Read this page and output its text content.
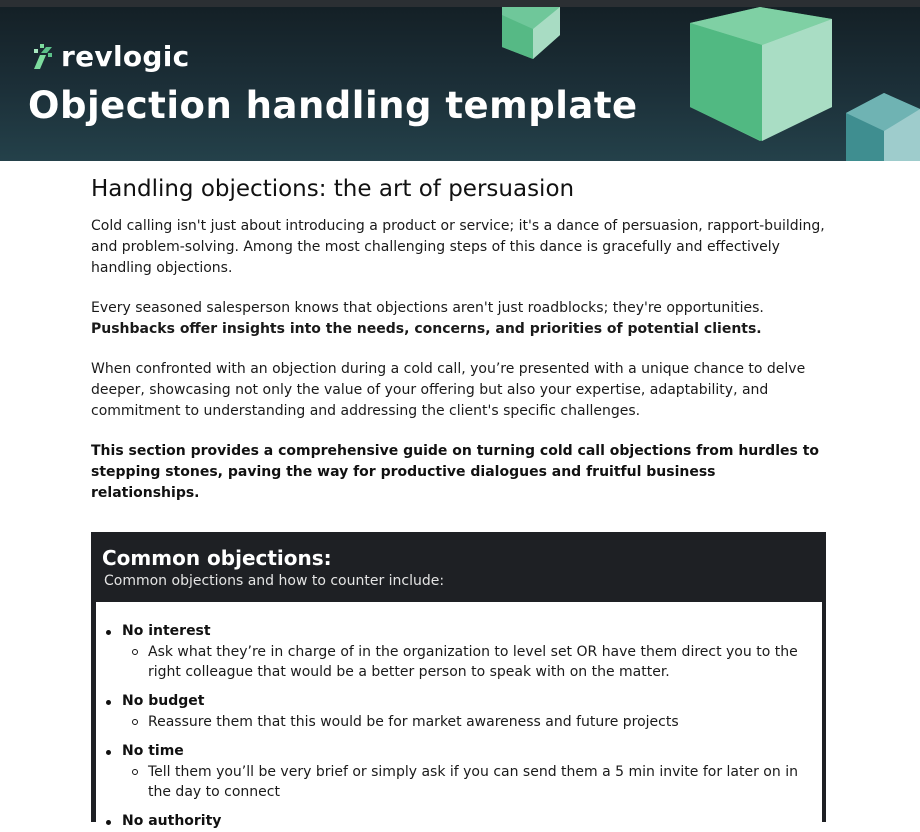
revlogic
Objection handling template
Handling objections: the art of persuasion

Cold calling isn't just about introducing a product or service; it's a dance of persuasion, rapport-building, and problem-solving. Among the most challenging steps of this dance is gracefully and effectively handling objections.

Every seasoned salesperson knows that objections aren't just roadblocks; they're opportunities. Pushbacks offer insights into the needs, concerns, and priorities of potential clients.

When confronted with an objection during a cold call, you’re presented with a unique chance to delve deeper, showcasing not only the value of your offering but also your expertise, adaptability, and commitment to understanding and addressing the client's specific challenges.

This section provides a comprehensive guide on turning cold call objections from hurdles to stepping stones, paving the way for productive dialogues and fruitful business relationships.

Common objections:
Common objections and how to counter include:
No interest
Ask what they’re in charge of in the organization to level set OR have them direct you to the right colleague that would be a better person to speak with on the matter.
No budget
Reassure them that this would be for market awareness and future projects
No time
Tell them you’ll be very brief or simply ask if you can send them a 5 min invite for later on in the day to connect
No authority
